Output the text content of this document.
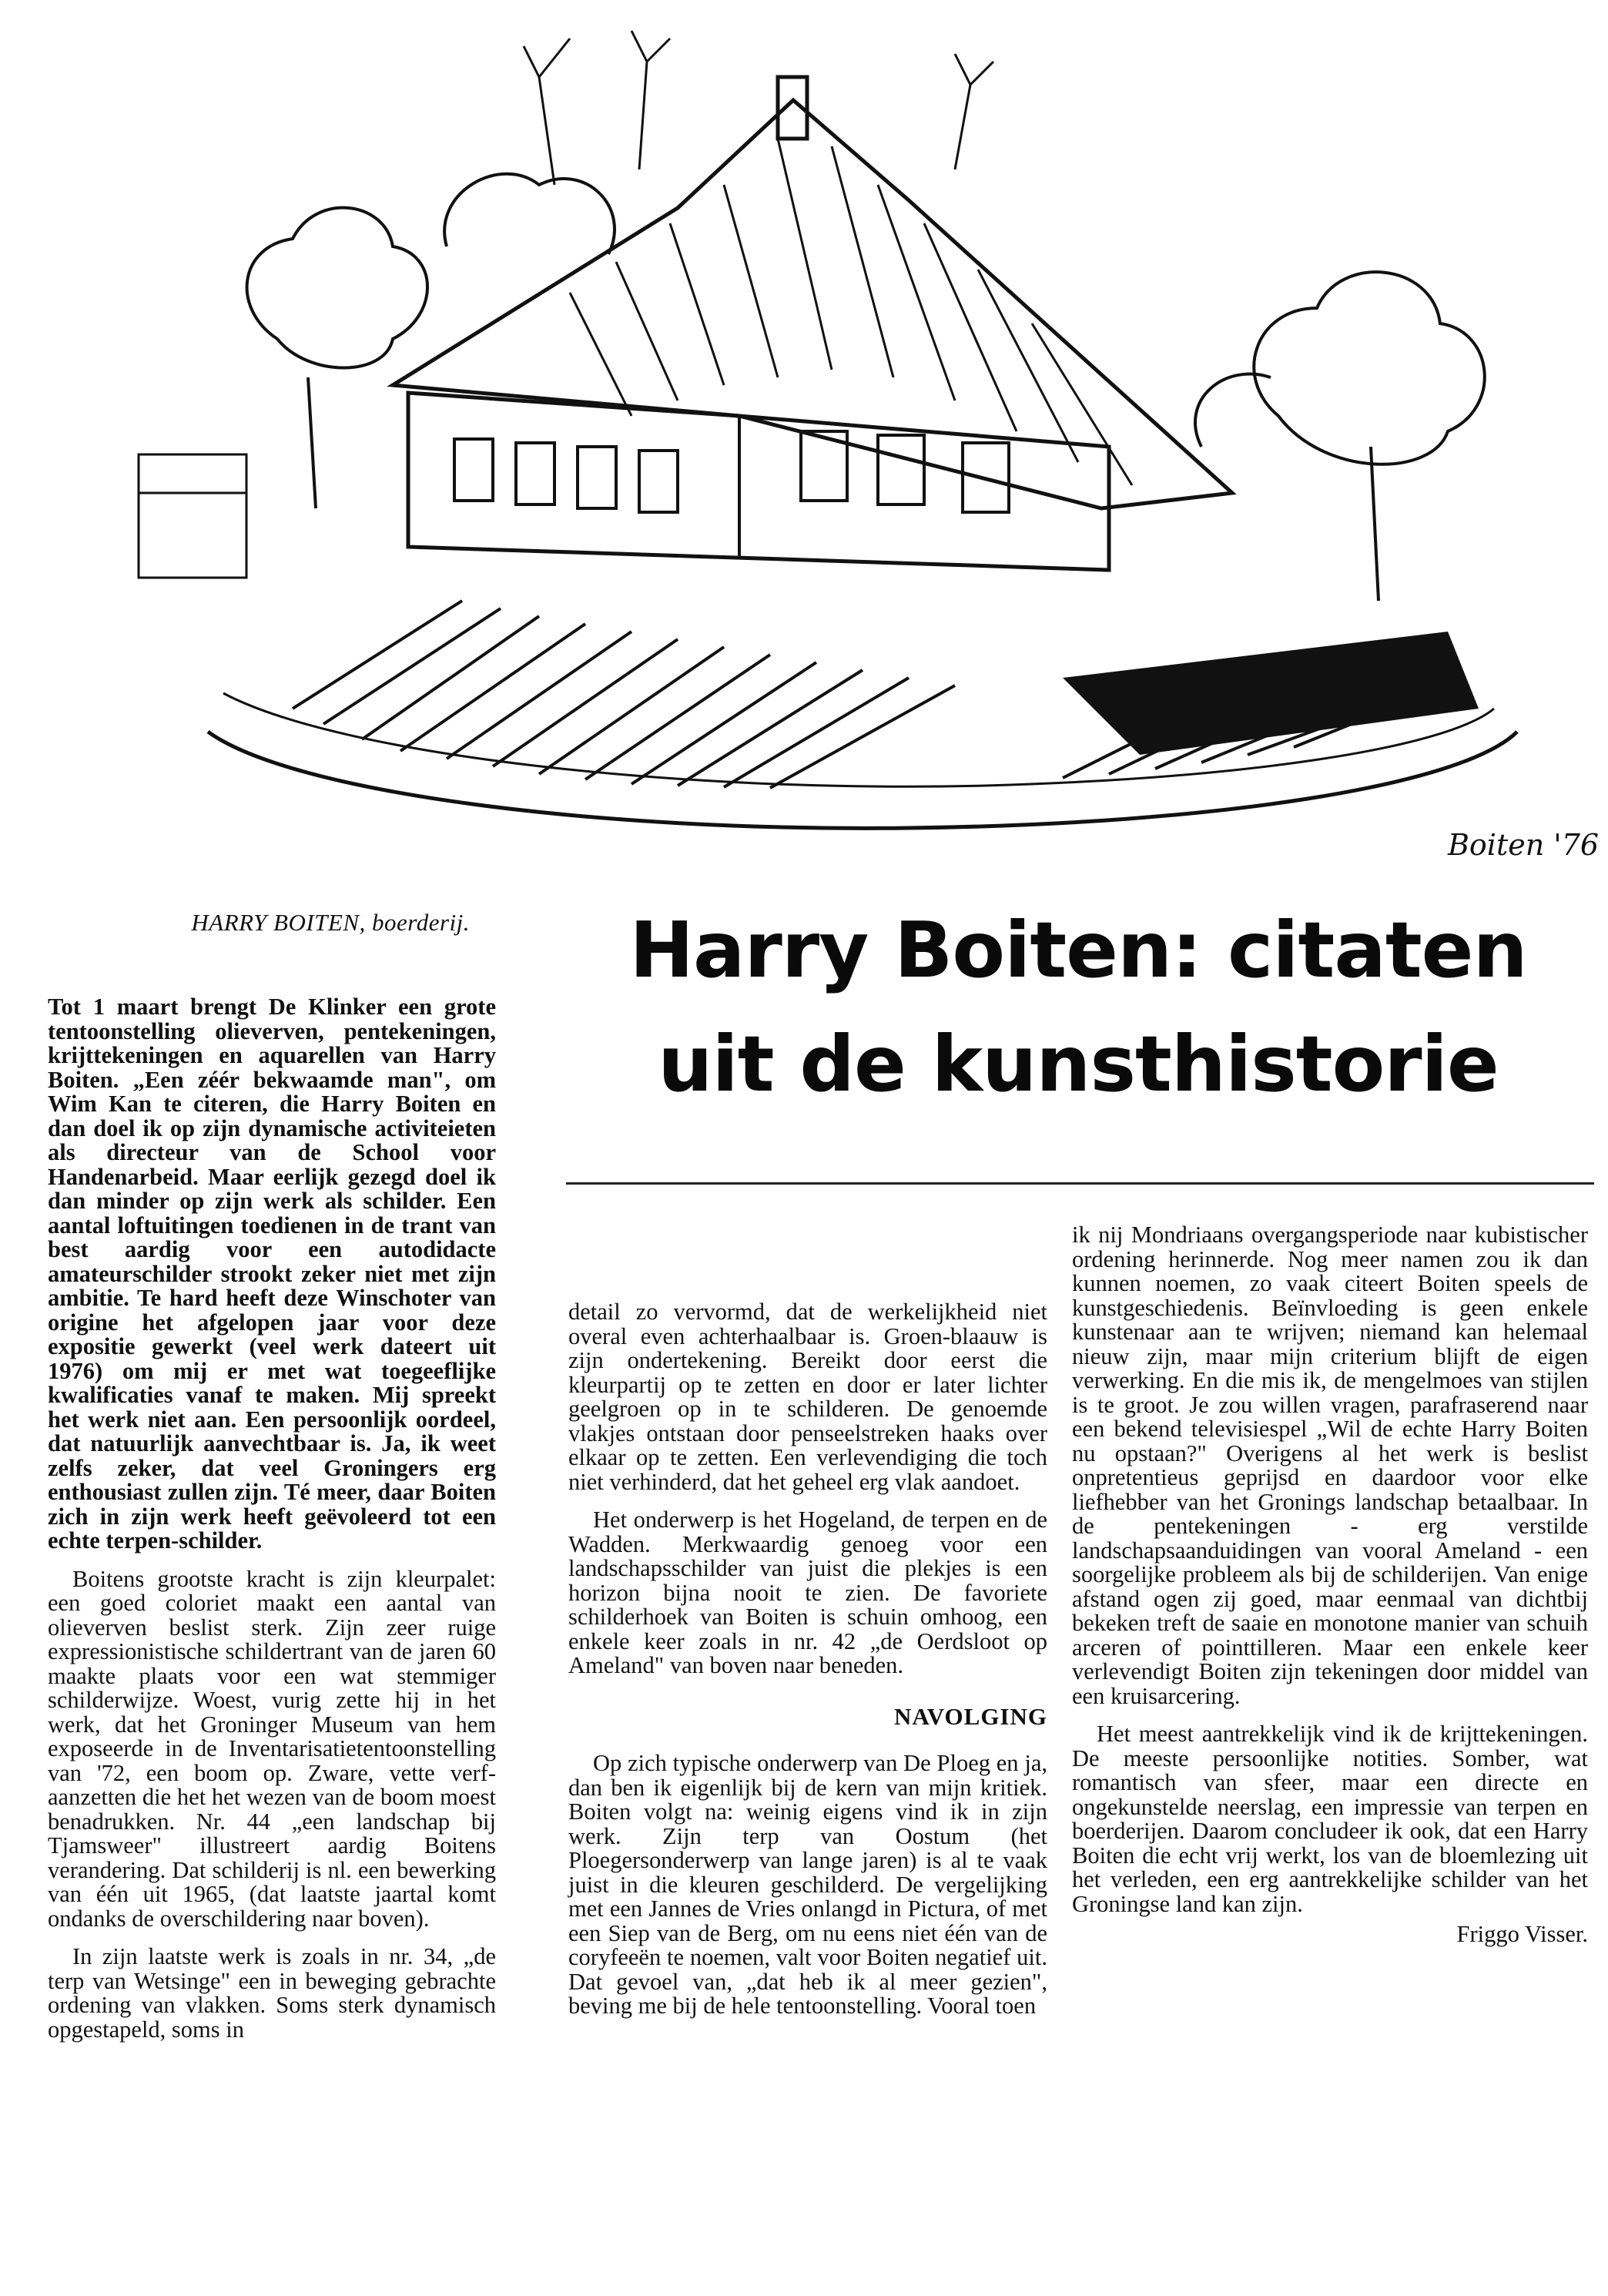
Boiten '76
HARRY BOITEN, boerderij.	Harry Boiten: citaten
uit de kunsthistorie

Tot 1 maart brengt De Klinker een grote tentoonstelling olieverven, pentekeningen, krijttekeningen en aquarellen van Harry Boiten. „Een zéér bekwaamde man", om Wim Kan te citeren, die Harry Boiten en dan doel ik op zijn dynamische activiteieten als directeur van de School voor Handenarbeid. Maar eerlijk gezegd doel ik dan minder op zijn werk als schilder. Een aantal loftuitingen toedienen in de trant van best aardig voor een autodidacte amateurschilder strookt zeker niet met zijn ambitie. Te hard heeft deze Winschoter van origine het afgelopen jaar voor deze expositie gewerkt (veel werk dateert uit 1976) om mij er met wat toegeeflijke kwalificaties vanaf te maken. Mij spreekt het werk niet aan. Een persoonlijk oordeel, dat natuurlijk aanvechtbaar is. Ja, ik weet zelfs zeker, dat veel Groningers erg enthousiast zullen zijn. Té meer, daar Boiten zich in zijn werk heeft geëvoleerd tot een echte terpen-schilder.

Boitens grootste kracht is zijn kleurpalet: een goed coloriet maakt een aantal van olieverven beslist sterk. Zijn zeer ruige expressionistische schildertrant van de jaren 60 maakte plaats voor een wat stemmiger schilderwijze. Woest, vurig zette hij in het werk, dat het Groninger Museum van hem exposeerde in de Inventarisatietentoonstelling van '72, een boom op. Zware, vette verf-aanzetten die het het wezen van de boom moest benadrukken. Nr. 44 „een landschap bij Tjamsweer" illustreert aardig Boitens verandering. Dat schilderij is nl. een bewerking van één uit 1965, (dat laatste jaartal komt ondanks de overschildering naar boven).

In zijn laatste werk is zoals in nr. 34, „de terp van Wetsinge" een in beweging gebrachte ordening van vlakken. Soms sterk dynamisch opgestapeld, soms in

detail zo vervormd, dat de werkelijkheid niet overal even achterhaalbaar is. Groen-blaauw is zijn ondertekening. Bereikt door eerst die kleurpartij op te zetten en door er later lichter geelgroen op in te schilderen. De genoemde vlakjes ontstaan door penseelstreken haaks over elkaar op te zetten. Een verlevendiging die toch niet verhinderd, dat het geheel erg vlak aandoet.

Het onderwerp is het Hogeland, de terpen en de Wadden. Merkwaardig genoeg voor een landschapsschilder van juist die plekjes is een horizon bijna nooit te zien. De favoriete schilderhoek van Boiten is schuin omhoog, een enkele keer zoals in nr. 42 „de Oerdsloot op Ameland" van boven naar beneden.

NAVOLGING

Op zich typische onderwerp van De Ploeg en ja, dan ben ik eigenlijk bij de kern van mijn kritiek. Boiten volgt na: weinig eigens vind ik in zijn werk. Zijn terp van Oostum (het Ploegersonderwerp van lange jaren) is al te vaak juist in die kleuren geschilderd. De vergelijking met een Jannes de Vries onlangd in Pictura, of met een Siep van de Berg, om nu eens niet één van de coryfeeën te noemen, valt voor Boiten negatief uit. Dat gevoel van, „dat heb ik al meer gezien", beving me bij de hele tentoonstelling. Vooral toen

ik nij Mondriaans overgangsperiode naar kubistischer ordening herinnerde. Nog meer namen zou ik dan kunnen noemen, zo vaak citeert Boiten speels de kunstgeschiedenis. Beïnvloeding is geen enkele kunstenaar aan te wrijven; niemand kan helemaal nieuw zijn, maar mijn criterium blijft de eigen verwerking. En die mis ik, de mengelmoes van stijlen is te groot. Je zou willen vragen, parafraserend naar een bekend televisiespel „Wil de echte Harry Boiten nu opstaan?" Overigens al het werk is beslist onpretentieus geprijsd en daardoor voor elke liefhebber van het Gronings landschap betaalbaar. In de pentekeningen - erg verstilde landschapsaanduidingen van vooral Ameland - een soorgelijke probleem als bij de schilderijen. Van enige afstand ogen zij goed, maar eenmaal van dichtbij bekeken treft de saaie en monotone manier van schuih arceren of pointtilleren. Maar een enkele keer verlevendigt Boiten zijn tekeningen door middel van een kruisarcering.

Het meest aantrekkelijk vind ik de krijttekeningen. De meeste persoonlijke notities. Somber, wat romantisch van sfeer, maar een directe en ongekunstelde neerslag, een impressie van terpen en boerderijen. Daarom concludeer ik ook, dat een Harry Boiten die echt vrij werkt, los van de bloemlezing uit het verleden, een erg aantrekkelijke schilder van het Groningse land kan zijn.

Friggo Visser.
